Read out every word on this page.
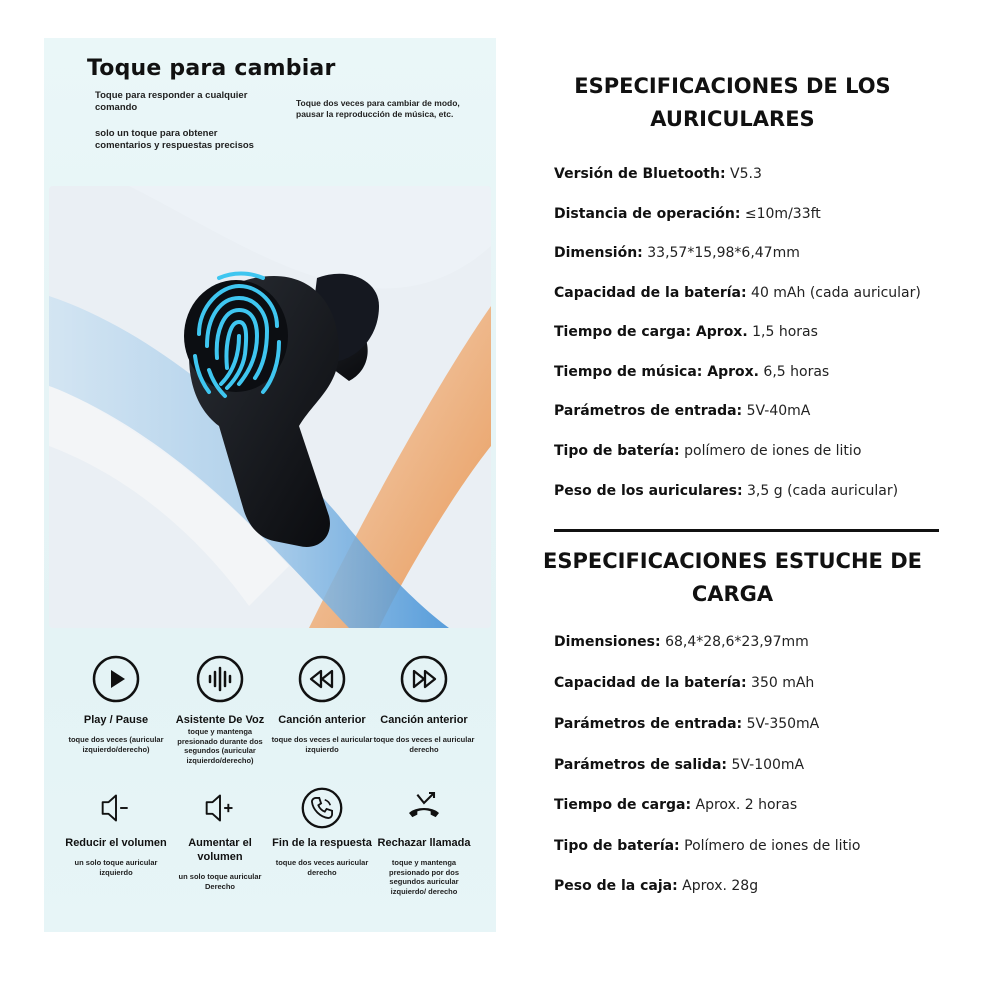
Toque para cambiar
Toque para responder a cualquier comando
solo un toque para obtener comentarios y respuestas precisos
Toque dos veces para cambiar de modo, pausar la reproducción de música, etc.
Play / Pause
toque dos veces (auricular izquierdo/derecho)
Asistente De Voz
toque y mantenga presionado durante dos segundos (auricular izquierdo/derecho)
Canción anterior
toque dos veces el auricular izquierdo
Canción anterior
toque dos veces el auricular derecho
Reducir el volumen
un solo toque auricular izquierdo
Aumentar el volumen
un solo toque auricular Derecho
Fin de la respuesta
toque dos veces auricular derecho
Rechazar llamada
toque y mantenga presionado por dos segundos auricular izquierdo/ derecho
ESPECIFICACIONES DE LOS AURICULARES
Versión de Bluetooth: V5.3
Distancia de operación: ≤10m/33ft
Dimensión: 33,57*15,98*6,47mm
Capacidad de la batería: 40 mAh (cada auricular)
Tiempo de carga: Aprox. 1,5 horas
Tiempo de música: Aprox. 6,5 horas
Parámetros de entrada: 5V-40mA
Tipo de batería: polímero de iones de litio
Peso de los auriculares: 3,5 g (cada auricular)
ESPECIFICACIONES ESTUCHE DE CARGA
Dimensiones: 68,4*28,6*23,97mm
Capacidad de la batería: 350 mAh
Parámetros de entrada: 5V-350mA
Parámetros de salida: 5V-100mA
Tiempo de carga: Aprox. 2 horas
Tipo de batería: Polímero de iones de litio
Peso de la caja: Aprox. 28g
